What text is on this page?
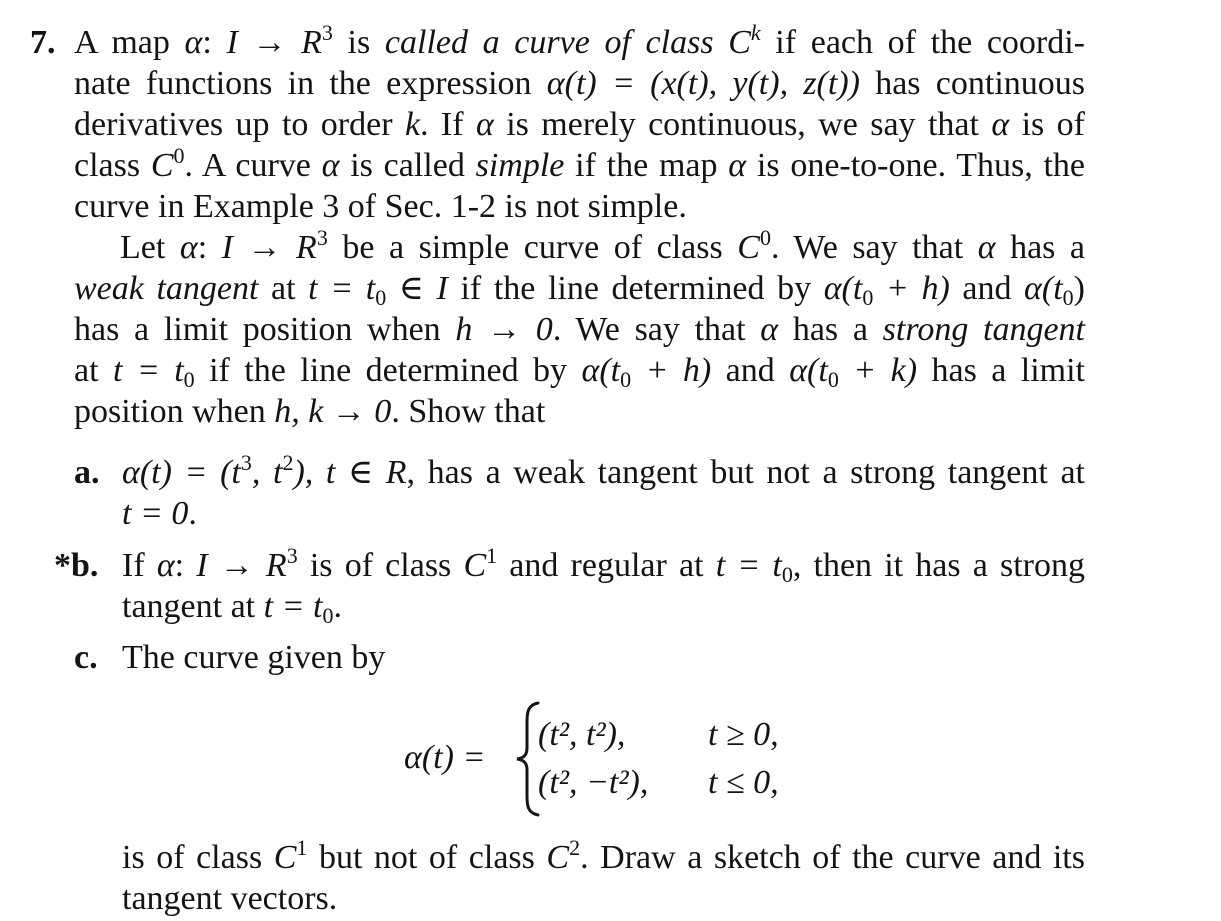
7. A map α: $I \to R^3$ is called a curve of class $C^k$ if each of the coordi-
nate functions in the expression α(t) = (x(t), y(t), z(t)) has continuous
derivatives up to order k. If α is merely continuous, we say that α is of
class $C^0$. A curve α is called simple if the map α is one-to-one. Thus, the
curve in Example 3 of Sec. 1-2 is not simple.
Let α: $I \to R^3$ be a simple curve of class $C^0$. We say that α has a
weak tangent at $t = t_0$ ∈ I if the line determined by $\alpha(t_0 + h)$ and $\alpha(t_0)$
has a limit position when h → 0. We say that α has a strong tangent
at $t = t_0$ if the line determined by $\alpha(t_0 + h)$ and $\alpha(t_0 + k)$ has a limit
position when h, k → 0. Show that
a. $\alpha(t) = (t^3$, $t^2$), t ∈ R, has a weak tangent but not a strong tangent at
t = 0.
*b. If α: $I \to R^3$ is of class $C^1$ and regular at $t = t_0$, then it has a strong
tangent at $t = t_0$.
c. The curve given by
α(t) =
(t², t²), t ≥ 0,
(t², −t²), t ≤ 0,
is of class $C^1$ but not of class $C^2$. Draw a sketch of the curve and its
tangent vectors.
